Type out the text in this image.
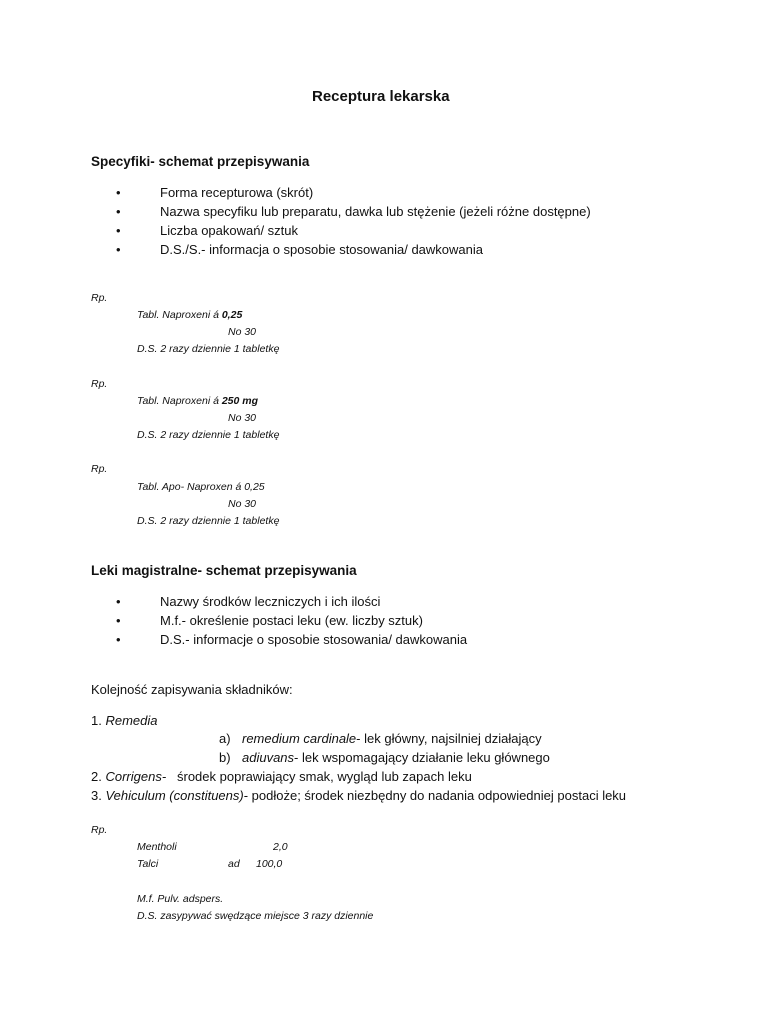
Receptura lekarska
Specyfiki- schemat przepisywania
•	Forma recepturowa (skrót)
•	Nazwa specyfiku lub preparatu, dawka lub stężenie (jeżeli różne dostępne)
•	Liczba opakowań/ sztuk
•	D.S./S.- informacja o sposobie stosowania/ dawkowania
Rp.
Tabl. Naproxeni á 0,25
No 30
D.S. 2 razy dziennie 1 tabletkę
Rp.
Tabl. Naproxeni á 250 mg
No 30
D.S. 2 razy dziennie 1 tabletkę
Rp.
Tabl. Apo- Naproxen á 0,25
No 30
D.S. 2 razy dziennie 1 tabletkę
Leki magistralne- schemat przepisywania
•	Nazwy środków leczniczych i ich ilości
•	M.f.- określenie postaci leku (ew. liczby sztuk)
•	D.S.- informacje o sposobie stosowania/ dawkowania
Kolejność zapisywania składników:
1. Remedia
a) remedium cardinale- lek główny, najsilniej działający
b) adiuvans- lek wspomagający działanie leku głównego
2. Corrigens- środek poprawiający smak, wygląd lub zapach leku
3. Vehiculum (constituens)- podłoże; środek niezbędny do nadania odpowiedniej postaci leku
Rp.
Mentholi	2,0
Talci	ad 100,0
M.f. Pulv. adspers.
D.S. zasypywać swędzące miejsce 3 razy dziennie
